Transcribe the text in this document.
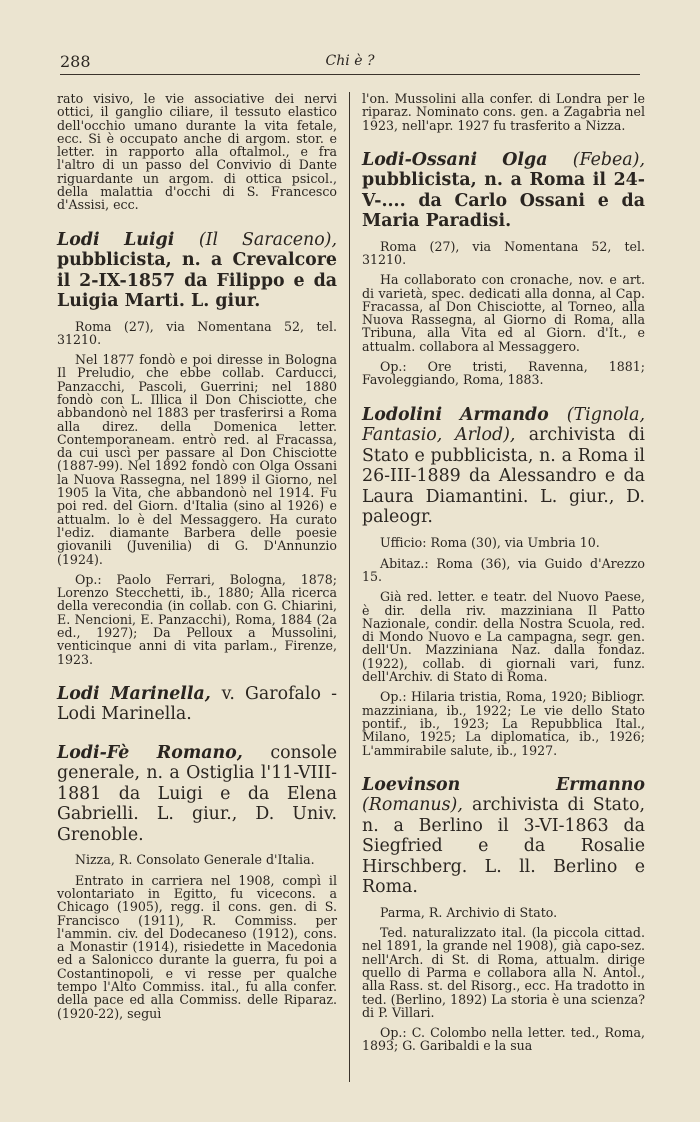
288	Chi è ?
rato visivo, le vie associative dei nervi ottici, il ganglio ciliare, il tessuto elastico dell'occhio umano durante la vita fetale, ecc. Si è occupato anche di argom. stor. e letter. in rapporto alla oftalmol., e fra l'altro di un passo del Convivio di Dante riguardante un argom. di ottica psicol., della malattia d'occhi di S. Francesco d'Assisi, ecc.
Lodi Luigi (Il Saraceno), pubblicista, n. a Crevalcore il 2-IX-1857 da Filippo e da Luigia Marti. L. giur.
Roma (27), via Nomentana 52, tel. 31210.
Nel 1877 fondò e poi diresse in Bologna Il Preludio, che ebbe collab. Carducci, Panzacchi, Pascoli, Guerrini; nel 1880 fondò con L. Illica il Don Chisciotte, che abbandonò nel 1883 per trasferirsi a Roma alla direz. della Domenica letter. Contemporaneam. entrò red. al Fracassa, da cui uscì per passare al Don Chisciotte (1887-99). Nel 1892 fondò con Olga Ossani la Nuova Rassegna, nel 1899 il Giorno, nel 1905 la Vita, che abbandonò nel 1914. Fu poi red. del Giorn. d'Italia (sino al 1926) e attualm. lo è del Messaggero. Ha curato l'ediz. diamante Barbera delle poesie giovanili (Juvenilia) di G. D'Annunzio (1924).
Op.: Paolo Ferrari, Bologna, 1878; Lorenzo Stecchetti, ib., 1880; Alla ricerca della verecondia (in collab. con G. Chiarini, E. Nencioni, E. Panzacchi), Roma, 1884 (2a ed., 1927); Da Pelloux a Mussolini, venticinque anni di vita parlam., Firenze, 1923.
Lodi Marinella, v. Garofalo - Lodi Marinella.
Lodi-Fè Romano, console generale, n. a Ostiglia l'11-VIII-1881 da Luigi e da Elena Gabrielli. L. giur., D. Univ. Grenoble.
Nizza, R. Consolato Generale d'Italia.
Entrato in carriera nel 1908, compì il volontariato in Egitto, fu vicecons. a Chicago (1905), regg. il cons. gen. di S. Francisco (1911), R. Commiss. per l'ammin. civ. del Dodecaneso (1912), cons. a Monastir (1914), risiedette in Macedonia ed a Salonicco durante la guerra, fu poi a Costantinopoli, e vi resse per qualche tempo l'Alto Commiss. ital., fu alla confer. della pace ed alla Commiss. delle Riparaz. (1920-22), seguì
l'on. Mussolini alla confer. di Londra per le riparaz. Nominato cons. gen. a Zagabria nel 1923, nell'apr. 1927 fu trasferito a Nizza.
Lodi-Ossani Olga (Febea), pubblicista, n. a Roma il 24-V-.... da Carlo Ossani e da Maria Paradisi.
Roma (27), via Nomentana 52, tel. 31210.
Ha collaborato con cronache, nov. e art. di varietà, spec. dedicati alla donna, al Cap. Fracassa, al Don Chisciotte, al Torneo, alla Nuova Rassegna, al Giorno di Roma, alla Tribuna, alla Vita ed al Giorn. d'It., e attualm. collabora al Messaggero.
Op.: Ore tristi, Ravenna, 1881; Favoleggiando, Roma, 1883.
Lodolini Armando (Tignola, Fantasio, Arlod), archivista di Stato e pubblicista, n. a Roma il 26-III-1889 da Alessandro e da Laura Diamantini. L. giur., D. paleogr.
Ufficio: Roma (30), via Umbria 10.
Abitaz.: Roma (36), via Guido d'Arezzo 15.
Già red. letter. e teatr. del Nuovo Paese, è dir. della riv. mazziniana Il Patto Nazionale, condir. della Nostra Scuola, red. di Mondo Nuovo e La campagna, segr. gen. dell'Un. Mazziniana Naz. dalla fondaz. (1922), collab. di giornali vari, funz. dell'Archiv. di Stato di Roma.
Op.: Hilaria tristia, Roma, 1920; Bibliogr. mazziniana, ib., 1922; Le vie dello Stato pontif., ib., 1923; La Repubblica Ital., Milano, 1925; La diplomatica, ib., 1926; L'ammirabile salute, ib., 1927.
Loevinson Ermanno (Romanus), archivista di Stato, n. a Berlino il 3-VI-1863 da Siegfried e da Rosalie Hirschberg. L. ll. Berlino e Roma.
Parma, R. Archivio di Stato.
Ted. naturalizzato ital. (la piccola cittad. nel 1891, la grande nel 1908), già capo-sez. nell'Arch. di St. di Roma, attualm. dirige quello di Parma e collabora alla N. Antol., alla Rass. st. del Risorg., ecc. Ha tradotto in ted. (Berlino, 1892) La storia è una scienza? di P. Villari.
Op.: C. Colombo nella letter. ted., Roma, 1893; G. Garibaldi e la sua
